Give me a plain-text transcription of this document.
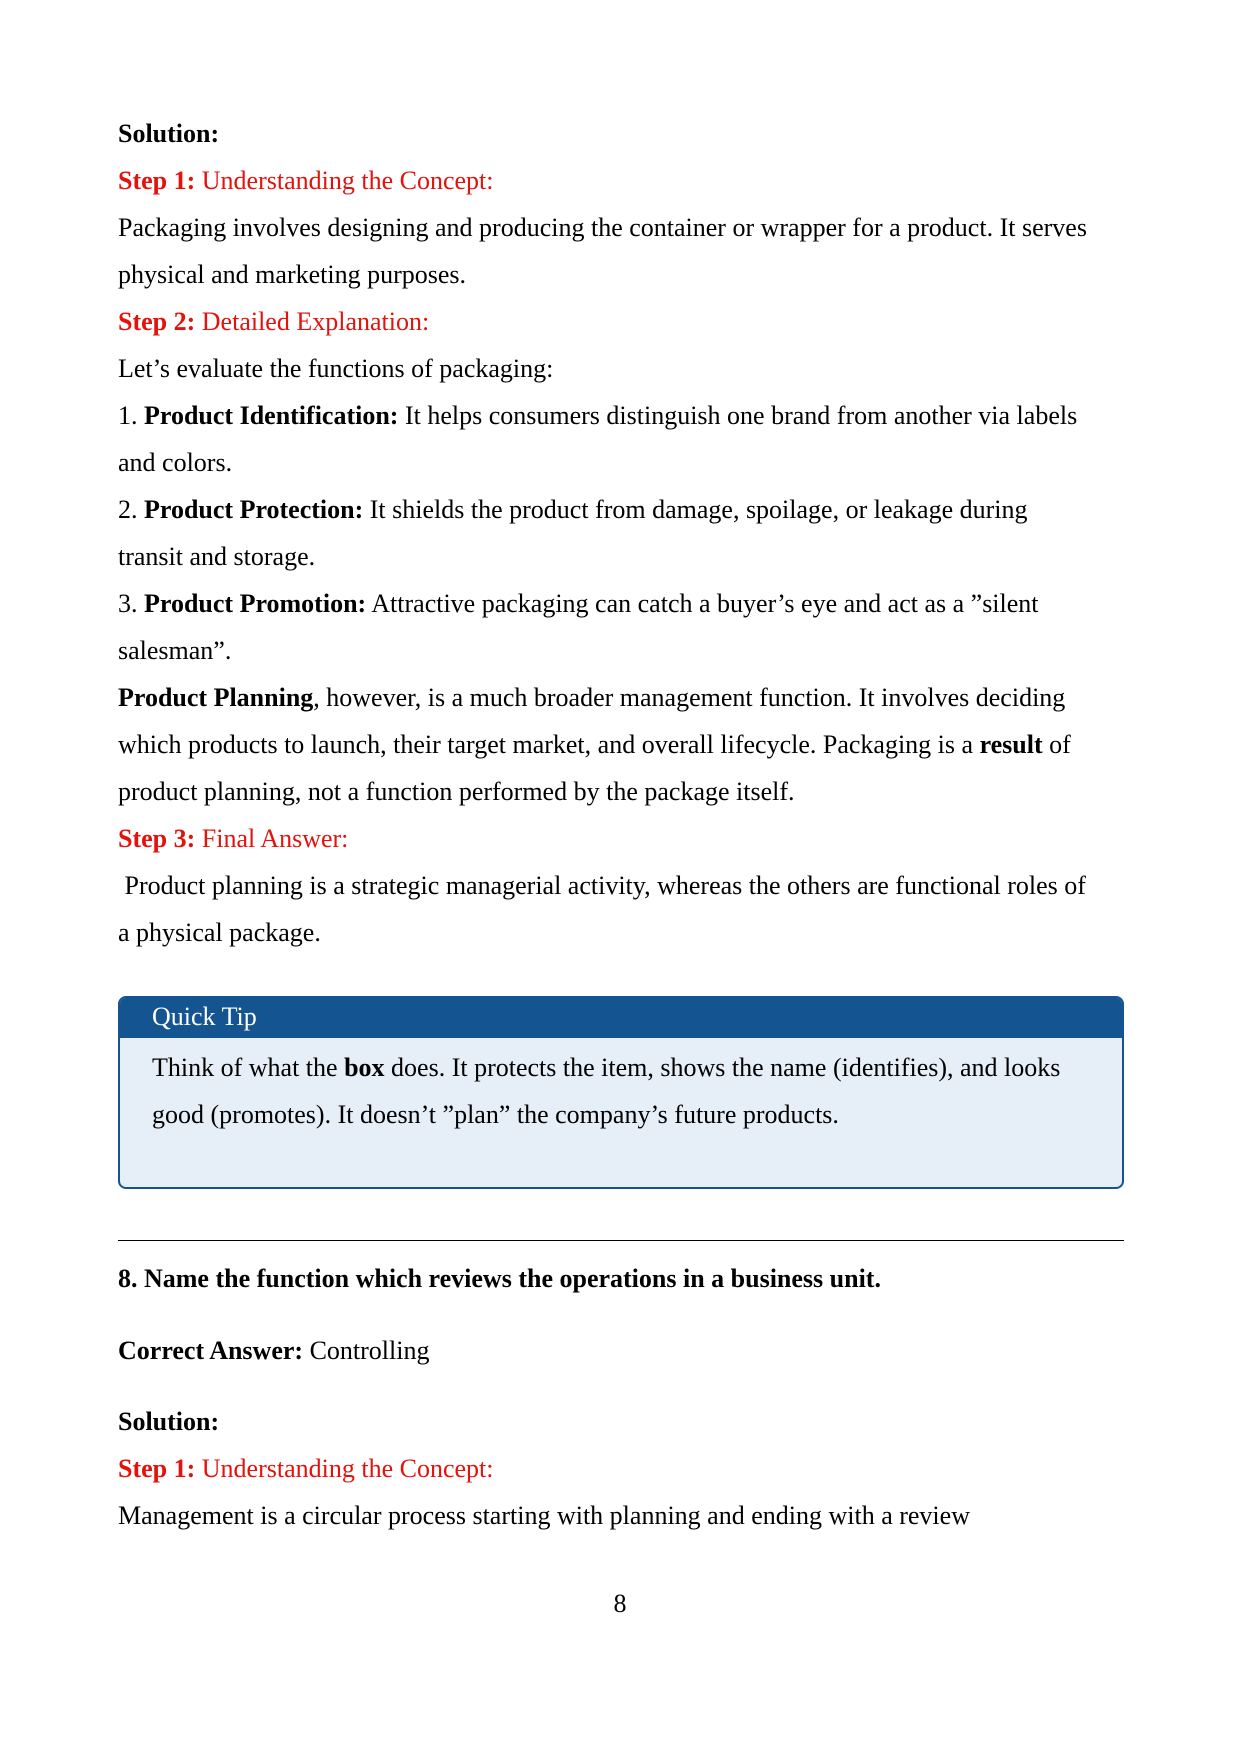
Solution:

Step 1: Understanding the Concept:

Packaging involves designing and producing the container or wrapper for a product. It serves

physical and marketing purposes.

Step 2: Detailed Explanation:

Let’s evaluate the functions of packaging:

1. Product Identification: It helps consumers distinguish one brand from another via labels

and colors.

2. Product Protection: It shields the product from damage, spoilage, or leakage during

transit and storage.

3. Product Promotion: Attractive packaging can catch a buyer’s eye and act as a ”silent

salesman”.

Product Planning, however, is a much broader management function. It involves deciding

which products to launch, their target market, and overall lifecycle. Packaging is a result of

product planning, not a function performed by the package itself.

Step 3: Final Answer:

Product planning is a strategic managerial activity, whereas the others are functional roles of

a physical package.

Quick Tip
Think of what the box does. It protects the item, shows the name (identifies), and looks
good (promotes). It doesn’t ”plan” the company’s future products.

8. Name the function which reviews the operations in a business unit.

Correct Answer: Controlling

Solution:

Step 1: Understanding the Concept:

Management is a circular process starting with planning and ending with a review

8
